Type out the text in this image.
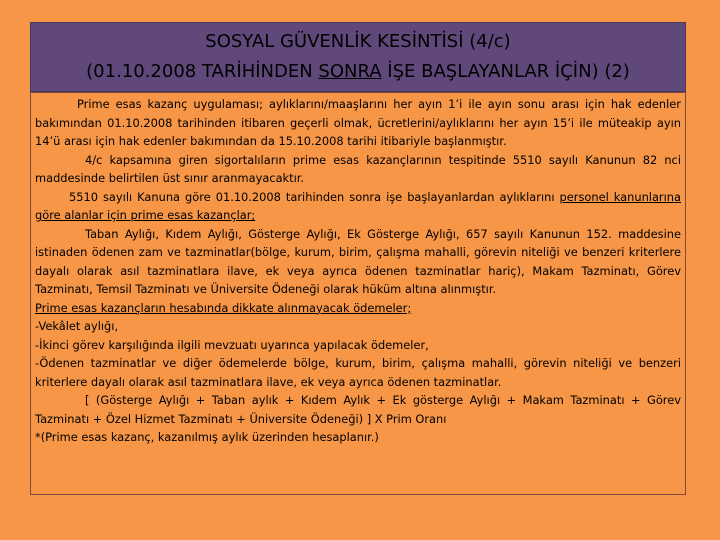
SOSYAL GÜVENLİK KESİNTİSİ (4/c)
(01.10.2008 TARİHİNDEN SONRA İŞE BAŞLAYANLAR İÇİN) (2)

Prime esas kazanç uygulaması; aylıklarını/maaşlarını her ayın 1’i ile ayın sonu arası için hak edenler bakımından 01.10.2008 tarihinden itibaren geçerli olmak, ücretlerini/aylıklarını her ayın 15’i ile müteakip ayın 14’ü arası için hak edenler bakımından da 15.10.2008 tarihi itibariyle başlanmıştır.

4/c kapsamına giren sigortalıların prime esas kazançlarının tespitinde 5510 sayılı Kanunun 82 nci maddesinde belirtilen üst sınır aranmayacaktır.

5510 sayılı Kanuna göre 01.10.2008 tarihinden sonra işe başlayanlardan aylıklarını personel kanunlarına göre alanlar için prime esas kazançlar;

Taban Aylığı, Kıdem Aylığı, Gösterge Aylığı, Ek Gösterge Aylığı, 657 sayılı Kanunun 152. maddesine istinaden ödenen zam ve tazminatlar(bölge, kurum, birim, çalışma mahalli, görevin niteliği ve benzeri kriterlere dayalı olarak asıl tazminatlara ilave, ek veya ayrıca ödenen tazminatlar hariç), Makam Tazminatı, Görev Tazminatı, Temsil Tazminatı ve Üniversite Ödeneği olarak hüküm altına alınmıştır.

Prime esas kazançların hesabında dikkate alınmayacak ödemeler;

-Vekâlet aylığı,

-İkinci görev karşılığında ilgili mevzuatı uyarınca yapılacak ödemeler,

-Ödenen tazminatlar ve diğer ödemelerde bölge, kurum, birim, çalışma mahalli, görevin niteliği ve benzeri kriterlere dayalı olarak asıl tazminatlara ilave, ek veya ayrıca ödenen tazminatlar.

[ (Gösterge Aylığı + Taban aylık + Kıdem Aylık + Ek gösterge Aylığı + Makam Tazminatı + Görev Tazminatı + Özel Hizmet Tazminatı + Üniversite Ödeneği) ] X Prim Oranı

*(Prime esas kazanç, kazanılmış aylık üzerinden hesaplanır.)
